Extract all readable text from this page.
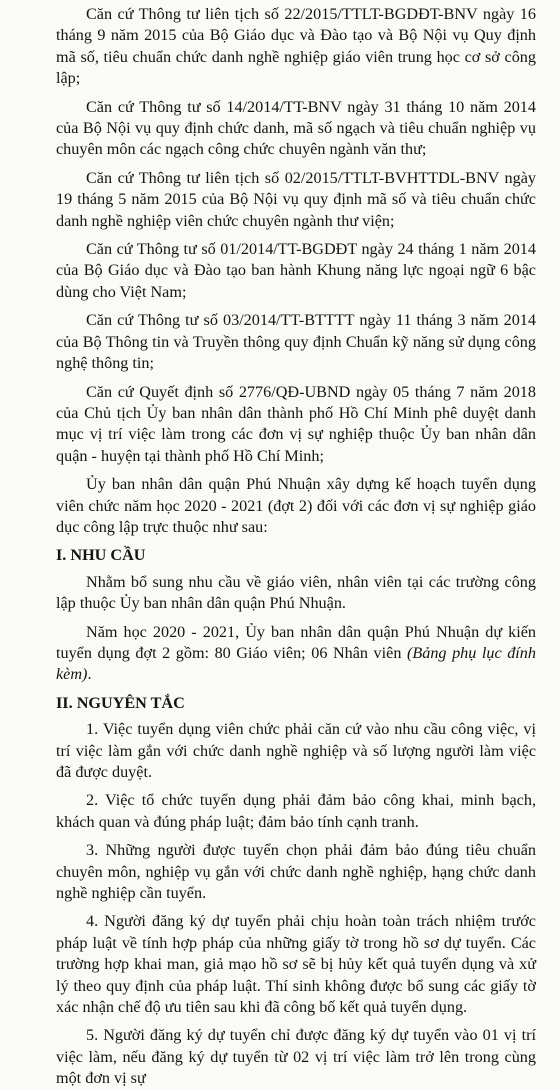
Căn cứ Thông tư liên tịch số 22/2015/TTLT-BGDĐT-BNV ngày 16 tháng 9 năm 2015 của Bộ Giáo dục và Đào tạo và Bộ Nội vụ Quy định mã số, tiêu chuẩn chức danh nghề nghiệp giáo viên trung học cơ sở công lập;

Căn cứ Thông tư số 14/2014/TT-BNV ngày 31 tháng 10 năm 2014 của Bộ Nội vụ quy định chức danh, mã số ngạch và tiêu chuẩn nghiệp vụ chuyên môn các ngạch công chức chuyên ngành văn thư;

Căn cứ Thông tư liên tịch số 02/2015/TTLT-BVHTTDL-BNV ngày 19 tháng 5 năm 2015 của Bộ Nội vụ quy định mã số và tiêu chuẩn chức danh nghề nghiệp viên chức chuyên ngành thư viện;

Căn cứ Thông tư số 01/2014/TT-BGDĐT ngày 24 tháng 1 năm 2014 của Bộ Giáo dục và Đào tạo ban hành Khung năng lực ngoại ngữ 6 bậc dùng cho Việt Nam;

Căn cứ Thông tư số 03/2014/TT-BTTTT ngày 11 tháng 3 năm 2014 của Bộ Thông tin và Truyền thông quy định Chuẩn kỹ năng sử dụng công nghệ thông tin;

Căn cứ Quyết định số 2776/QĐ-UBND ngày 05 tháng 7 năm 2018 của Chủ tịch Ủy ban nhân dân thành phố Hồ Chí Minh phê duyệt danh mục vị trí việc làm trong các đơn vị sự nghiệp thuộc Ủy ban nhân dân quận - huyện tại thành phố Hồ Chí Minh;

Ủy ban nhân dân quận Phú Nhuận xây dựng kế hoạch tuyển dụng viên chức năm học 2020 - 2021 (đợt 2) đối với các đơn vị sự nghiệp giáo dục công lập trực thuộc như sau:

I. NHU CẦU

Nhằm bổ sung nhu cầu về giáo viên, nhân viên tại các trường công lập thuộc Ủy ban nhân dân quận Phú Nhuận.

Năm học 2020 - 2021, Ủy ban nhân dân quận Phú Nhuận dự kiến tuyển dụng đợt 2 gồm: 80 Giáo viên; 06 Nhân viên (Bảng phụ lục đính kèm).

II. NGUYÊN TẮC

1. Việc tuyển dụng viên chức phải căn cứ vào nhu cầu công việc, vị trí việc làm gắn với chức danh nghề nghiệp và số lượng người làm việc đã được duyệt.

2. Việc tổ chức tuyển dụng phải đảm bảo công khai, minh bạch, khách quan và đúng pháp luật; đảm bảo tính cạnh tranh.

3. Những người được tuyển chọn phải đảm bảo đúng tiêu chuẩn chuyên môn, nghiệp vụ gắn với chức danh nghề nghiệp, hạng chức danh nghề nghiệp cần tuyển.

4. Người đăng ký dự tuyển phải chịu hoàn toàn trách nhiệm trước pháp luật về tính hợp pháp của những giấy tờ trong hồ sơ dự tuyển. Các trường hợp khai man, giả mạo hồ sơ sẽ bị hủy kết quả tuyển dụng và xử lý theo quy định của pháp luật. Thí sinh không được bổ sung các giấy tờ xác nhận chế độ ưu tiên sau khi đã công bố kết quả tuyển dụng.

5. Người đăng ký dự tuyển chỉ được đăng ký dự tuyển vào 01 vị trí việc làm, nếu đăng ký dự tuyển từ 02 vị trí việc làm trở lên trong cùng một đơn vị sự
